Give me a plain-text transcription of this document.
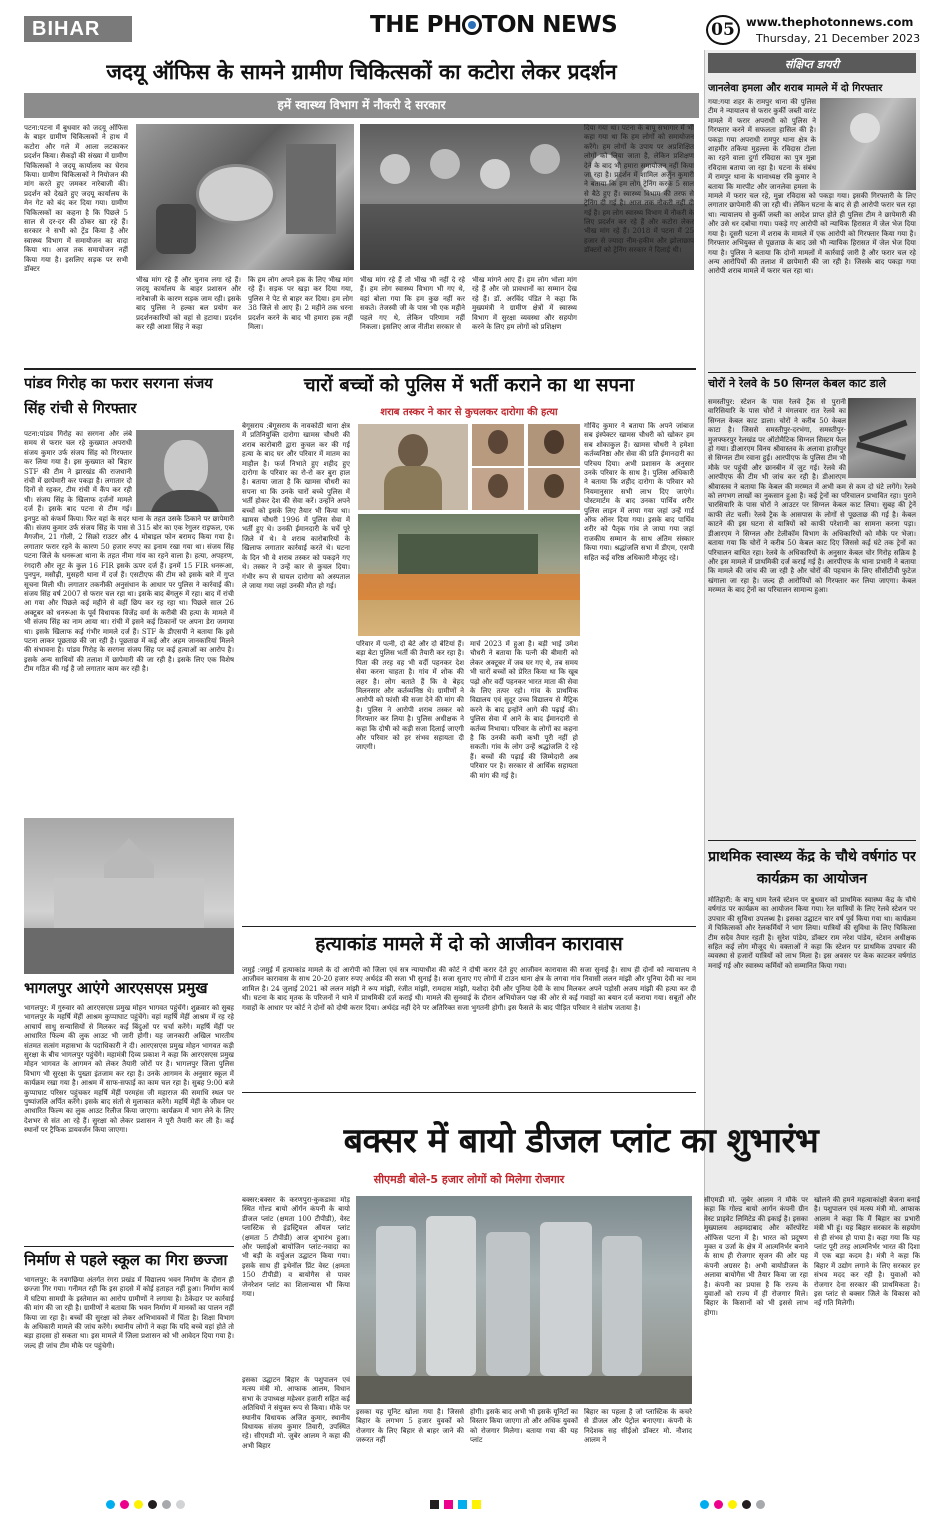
BIHAR	THE PH TON NEWS	05 www.thephotonnews.com
Thursday, 21 December 2023
जदयू ऑफिस के सामने ग्रामीण चिकित्सकों का कटोरा लेकर प्रदर्शन
हमें स्वास्थ्य विभाग में नौकरी दे सरकार
पटना:पटना में बुधवार को जदयू ऑफिस के बाहर ग्रामीण चिकित्सकों ने हाथ में कटोरा और गले में आला लटकाकर प्रदर्शन किया। सैकड़ों की संख्या में ग्रामीण चिकित्सकों ने जदयू कार्यालय का घेराव किया। ग्रामीण चिकित्सकों ने नियोजन की मांग करते हुए जमकर नारेबाजी की। प्रदर्शन को देखते हुए जदयू कार्यालय के मेन गेट को बंद कर दिया गया। ग्रामीण चिकित्सकों का कहना है कि पिछले 5 साल से दर-दर की ठोकर खा रहे हैं। सरकार ने सभी को ट्रेंड किया है और स्वास्थ्य विभाग में समायोजन का वादा किया था। आज तक समायोजन नहीं किया गया है। इसलिए सड़क पर सभी डॉक्टर
भीख मांग रहे हैं और चुनाव लगा रहे हैं। जदयू कार्यालय के बाहर प्रशासन और नारेबाजी के कारण सड़क जाम रही। इसके बाद पुलिस ने हल्का बल प्रयोग कर प्रदर्शनकारियों को वहां से हटाया। प्रदर्शन कर रही आशा सिंह ने कहा
कि हम लोग अपने हक के लिए भीख मांग रहे हैं। सड़क पर खड़ा कर दिया गया, पुलिस ने पेट से बाहर कर दिया। हम लोग 38 जिले से आए हैं। 2 महीने तक धरना प्रदर्शन करने के बाद भी हमारा हक नहीं मिला।
भीख मांग रहे हैं तो भीख भी नहीं दे रहे हैं। हम लोग स्वास्थ्य विभाग भी गए थे, वहां बोला गया कि हम कुछ नहीं कर सकते। तेजस्वी जी के पास भी एक महीने पहले गए थे, लेकिन परिणाम नहीं निकला। इसलिए आज नीतीश सरकार से
भीख मांगने आए हैं। हम लोग भोला मांग रहे हैं और जो प्रावधानों का सम्मान देख रहे हैं। डॉ. अरविंद पंडित ने कहा कि मुख्यमंत्री ने ग्रामीण क्षेत्रों में स्वास्थ्य विभाग में सुरक्षा व्यवस्था और सहयोग करने के लिए हम लोगों को प्रशिक्षण
दिया गया था। पटना के बापू सभागार में भी कहा गया था कि हम लोगों को समायोजन करेंगे। हम लोगों के उपाय पर अप्रशिक्षित लोगों को लिया जाता है, लेकिन प्रशिक्षण देने के बाद भी हमारा समायोजन नहीं किया जा रहा है। प्रदर्शन में शामिल अर्जुन कुमारी ने बताया कि हम लोग ट्रेनिंग करके 5 साल से बैठे हुए हैं। स्वास्थ्य विभाग की तरफ से ट्रेनिंग दी गई है। आज तक नौकरी नहीं दी गई है। हम लोग स्वास्थ्य विभाग में नौकरी के लिए प्रदर्शन कर रहे हैं और कटोरा लेकर भीख मांग रहे हैं। 2018 में पटना में 25 हजार से ज्यादा नीम-हकीम और झोलाछाप डॉक्टरों को ट्रेनिंग सरकार ने दिलाई थी।
संक्षिप्त डायरी
जानलेवा हमला और शराब मामले में दो गिरफ्तार
गया:गया शहर के रामपुर थाना की पुलिस टीम ने न्यायालय से फरार कुर्की जब्ती वारंट मामले में फरार अपराधी को पुलिस ने गिरफ्तार करने में सफलता हासिल की है। पकड़ा गया अपराधी रामपुर थाना क्षेत्र के शाहमीर तकिया मुहल्ला के रविदास टोला का रहने वाला दुर्गा रविदास का पुत्र मुन्ना रविदास बताया जा रहा है। घटना के संबंध में रामपुर थाना के थानाध्यक्ष रवि कुमार ने बताया कि मारपीट और जानलेवा हमला के मामले में फरार चल रहे, मुन्ना रविदास को पकड़ा गया। इसकी गिरफ्तारी के लिए लगातार छापेमारी की जा रही थी। लेकिन घटना के बाद से ही आरोपी फरार चल रहा था। न्यायालय से कुर्की जब्ती का आदेश प्राप्त होते ही पुलिस टीम ने छापेमारी की और उसे धर दबोचा गया। पकड़े गए आरोपी को न्यायिक हिरासत में जेल भेज दिया गया है। दूसरी घटना में शराब के मामले में एक आरोपी को गिरफ्तार किया गया है। गिरफ्तार अभियुक्त से पूछताछ के बाद उसे भी न्यायिक हिरासत में जेल भेज दिया गया है। पुलिस ने बताया कि दोनों मामलों में कार्रवाई जारी है और फरार चल रहे अन्य आरोपियों की तलाश में छापेमारी की जा रही है। जिसके बाद पकड़ा गया आरोपी शराब मामले में फरार चल रहा था।
चोरों ने रेलवे के 50 सिग्नल केबल काट डाले
समस्तीपुर: स्टेशन के पास रेलवे ट्रैक से पुरानी वारिसियारि के पास चोरों ने मंगलवार रात रेलवे का सिग्नल केबल काट डाला। चोरों ने करीब 50 केबल काटा है। जिससे समस्तीपुर-दरभंगा, समस्तीपुर-मुजफ्फरपुर रेलखंड पर ऑटोमैटिक सिग्नल सिस्टम फेल हो गया। डीआरएम विनय श्रीवास्तव के अलावा हाजीपुर से सिग्नल टीम रवाना हुई। आरपीएफ के पुलिस टीम भी मौके पर पहुंची और छानबीन में जुट गई। रेलवे की आरपीएफ की टीम भी जांच कर रही है। डीआरएम श्रीवास्तव ने बताया कि केबल की मरम्मत में अभी कम से कम दो घंटे लगेंगे। रेलवे को लगभग लाखों का नुकसान हुआ है। कई ट्रेनों का परिचालन प्रभावित रहा। पुराने चारसियारि के पास चोरों ने आउटर पर सिग्नल केबल काट लिया। सुबह की ट्रेनें काफी लेट चलीं। रेलवे ट्रैक के आसपास के लोगों से पूछताछ की गई है। केबल काटने की इस घटना से यात्रियों को काफी परेशानी का सामना करना पड़ा। डीआरएम ने सिग्नल और टेलीकॉम विभाग के अधिकारियों को मौके पर भेजा। बताया गया कि चोरों ने करीब 50 केबल काट दिए जिससे कई घंटे तक ट्रेनों का परिचालन बाधित रहा। रेलवे के अधिकारियों के अनुसार केबल चोर गिरोह सक्रिय है और इस मामले में प्राथमिकी दर्ज कराई गई है। आरपीएफ के थाना प्रभारी ने बताया कि मामले की जांच की जा रही है और चोरों की पहचान के लिए सीसीटीवी फुटेज खंगाला जा रहा है। जल्द ही आरोपियों को गिरफ्तार कर लिया जाएगा। केबल मरम्मत के बाद ट्रेनों का परिचालन सामान्य हुआ।
प्राथमिक स्वास्थ्य केंद्र के चौथे वर्षगांठ पर कार्यक्रम का आयोजन
मोतिहारी: के बापू धाम रेलवे स्टेशन पर बुधवार को प्राथमिक स्वास्थ्य केंद्र के चौथे वर्षगांठ पर कार्यक्रम का आयोजन किया गया। रेल यात्रियों के लिए रेलवे स्टेशन पर उपचार की सुविधा उपलब्ध है। इसका उद्घाटन चार वर्ष पूर्व किया गया था। कार्यक्रम में चिकित्सकों और रेलकर्मियों ने भाग लिया। यात्रियों की सुविधा के लिए चिकित्सा टीम सदैव तैयार रहती है। सुरेश पांडेय, डॉक्टर राम नरेश पांडेय, स्टेशन अधीक्षक सहित कई लोग मौजूद थे। वक्ताओं ने कहा कि स्टेशन पर प्राथमिक उपचार की व्यवस्था से हजारों यात्रियों को लाभ मिला है। इस अवसर पर केक काटकर वर्षगांठ मनाई गई और स्वास्थ्य कर्मियों को सम्मानित किया गया।
पांडव गिरोह का फरार सरगना संजय सिंह रांची से गिरफ्तार
पटना:पांडव गिरोह का सरगना और लंबे समय से फरार चल रहे कुख्यात अपराधी संजय कुमार उर्फ संजय सिंह को गिरफ्तार कर लिया गया है। इस कुख्यात को बिहार STF की टीम ने झारखंड की राजधानी रांची में छापेमारी कर पकड़ा है। लगातार दो दिनों से रहकर, टीम रांची में कैंप कर रही थी। संजय सिंह के खिलाफ दर्जनों मामले दर्ज हैं। इसके बाद पटना से टीम गई। इनपुट को कंफर्म किया। फिर वहां के सदर थाना के तहत उसके ठिकाने पर छापेमारी की। संजय कुमार उर्फ संजय सिंह के पास से 315 बोर का एक रेगुलर राइफल, एक मैगजीन, 21 गोली, 2 सिक्रो राउटर और 4 मोबाइल फोन बरामद किया गया है। लगातार फरार रहने के कारण 50 हजार रुपए का इनाम रखा गया था। संजय सिंह पटना जिले के धनरूआ थाना के तहत नीमा गांव का रहने वाला है। हत्या, अपहरण, रंगदारी और लूट के कुल 16 FIR इसके ऊपर दर्ज हैं। इनमें 15 FIR धनरूआ, पुनपुन, मसौढ़ी, मुसहरी थाना में दर्ज हैं। एसटीएफ की टीम को इसके बारे में गुप्त सूचना मिली थी। लगातार तकनीकी अनुसंधान के आधार पर पुलिस ने कार्रवाई की। संजय सिंह वर्ष 2007 से फरार चल रहा था। इसके बाद बेंगलुरु में रहा। बाद में रांची आ गया और पिछले कई महीने से वहीं छिप कर रह रहा था। पिछले साल 26 अक्टूबर को धनरूआ के पूर्व विधायक विजेंद्र वर्मा के करीबी की हत्या के मामले में भी संजय सिंह का नाम आया था। रांची में इसने कई ठिकानों पर अपना डेरा जमाया था। इसके खिलाफ कई गंभीर मामले दर्ज हैं। STF के डीएसपी ने बताया कि इसे पटना लाकर पूछताछ की जा रही है। पूछताछ में कई और अहम जानकारियां मिलने की संभावना है। पांडव गिरोह के सरगना संजय सिंह पर कई हत्याओं का आरोप है। इसके अन्य साथियों की तलाश में छापेमारी की जा रही है। इसके लिए एक विशेष टीम गठित की गई है जो लगातार काम कर रही है।
भागलपुर आएंगे आरएसएस प्रमुख
भागलपुर: में गुरुवार को आरएसएस प्रमुख मोहन भागवत पहुंचेंगे। शुक्रवार को सुबह भागलपुर के महर्षि मेंहीं आश्रम कुप्पाघाट पहुंचेंगे। वहां महर्षि मेंहीं आश्रम में रह रहे आचार्य साधु सन्यासियों से मिलकर कई बिंदुओं पर चर्चा करेंगे। महर्षि मेंहीं पर आधारित फिल्म की लुक आउट भी जारी होगी। यह जानकारी अखिल भारतीय संतमत सत्संग महासभा के पदाधिकारी ने दी। आरएसएस प्रमुख मोहन भागवत कड़ी सुरक्षा के बीच भागलपुर पहुंचेंगे। महामंत्री दिव्य प्रकाश ने कहा कि आरएसएस प्रमुख मोहन भागवत के आगमन को लेकर तैयारी जोरों पर है। भागलपुर जिला पुलिस विभाग भी सुरक्षा के पुख्ता इंतजाम कर रहा है। उनके आगमन के अनुसार स्कूल में कार्यक्रम रखा गया है। आश्रम में साफ-सफाई का काम चल रहा है। सुबह 9:00 बजे कुप्पाघाट परिसर पहुंचकर महर्षि मेंहीं परमहंस जी महाराज की समाधि स्थल पर पुष्पांजलि अर्पित करेंगे। इसके बाद संतों से मुलाकात करेंगे। महर्षि मेंहीं के जीवन पर आधारित फिल्म का लुक आउट रिलीज किया जाएगा। कार्यक्रम में भाग लेने के लिए देशभर से संत आ रहे हैं। सुरक्षा को लेकर प्रशासन ने पूरी तैयारी कर ली है। कई स्थानों पर ट्रैफिक डायवर्जन किया जाएगा।
निर्माण से पहले स्कूल का गिरा छज्जा
भागलपुर: के नवगछिया अंतर्गत रंगरा प्रखंड में विद्यालय भवन निर्माण के दौरान ही छज्जा गिर गया। गनीमत रही कि इस हादसे में कोई हताहत नहीं हुआ। निर्माण कार्य में घटिया सामग्री के इस्तेमाल का आरोप ग्रामीणों ने लगाया है। ठेकेदार पर कार्रवाई की मांग की जा रही है। ग्रामीणों ने बताया कि भवन निर्माण में मानकों का पालन नहीं किया जा रहा है। बच्चों की सुरक्षा को लेकर अभिभावकों में चिंता है। शिक्षा विभाग के अधिकारी मामले की जांच करेंगे। स्थानीय लोगों ने कहा कि यदि बच्चे वहां होते तो बड़ा हादसा हो सकता था। इस मामले में जिला प्रशासन को भी आवेदन दिया गया है। जल्द ही जांच टीम मौके पर पहुंचेगी।
चारों बच्चों को पुलिस में भर्ती कराने का था सपना
शराब तस्कर ने कार से कुचलकर दारोगा की हत्या
बेगूसराय :बेगूसराय के नावकोठी थाना क्षेत्र में प्रतिनियुक्ति दारोगा खामस चौधरी की शराब कारोबारी द्वारा कुचल कर की गई हत्या के बाद घर और परिवार में मातम का माहौल है। फर्ज निभाते हुए शहीद हुए दारोगा के परिवार का रो-रो कर बुरा हाल है। बताया जाता है कि खामस चौधरी का सपना था कि उनके चारों बच्चे पुलिस में भर्ती होकर देश की सेवा करें। उन्होंने अपने बच्चों को इसके लिए तैयार भी किया था। खामस चौधरी 1996 में पुलिस सेवा में भर्ती हुए थे। उनकी ईमानदारी के चर्चे पूरे जिले में थे। वे शराब कारोबारियों के खिलाफ लगातार कार्रवाई करते थे। घटना के दिन भी वे शराब तस्कर को पकड़ने गए थे। तस्कर ने उन्हें कार से कुचल दिया। गंभीर रूप से घायल दारोगा को अस्पताल ले जाया गया जहां उनकी मौत हो गई।
परिवार में पत्नी, दो बेटे और दो बेटियां हैं। बड़ा बेटा पुलिस भर्ती की तैयारी कर रहा है। पिता की तरह वह भी वर्दी पहनकर देश सेवा करना चाहता है। गांव में शोक की लहर है। लोग बताते हैं कि वे बेहद मिलनसार और कर्तव्यनिष्ठ थे। ग्रामीणों ने आरोपी को फांसी की सजा देने की मांग की है। पुलिस ने आरोपी शराब तस्कर को गिरफ्तार कर लिया है। पुलिस अधीक्षक ने कहा कि दोषी को कड़ी सजा दिलाई जाएगी और परिवार को हर संभव सहायता दी जाएगी।
मार्च 2023 में हुआ है। बड़ी भाई उमेश चौधरी ने बताया कि पत्नी की बीमारी को लेकर अक्टूबर में जब घर गए थे, तब समय भी चारों बच्चों को प्रेरित किया था कि खूब पढ़ो और वर्दी पहनकर भारत माता की सेवा के लिए तत्पर रहो। गांव के प्राथमिक विद्यालय एवं सुदूर उच्च विद्यालय से मैट्रिक करने के बाद इन्होंने आगे की पढ़ाई की। पुलिस सेवा में आने के बाद ईमानदारी से कर्तव्य निभाया। परिवार के लोगों का कहना है कि उनकी कमी कभी पूरी नहीं हो सकती। गांव के लोग उन्हें श्रद्धांजलि दे रहे हैं। बच्चों की पढ़ाई की जिम्मेदारी अब परिवार पर है। सरकार से आर्थिक सहायता की मांग की गई है।
गोविंद कुमार ने बताया कि अपने जांबाज सब इंस्पेक्टर खामस चौधरी को खोकर हम सब शोकाकुल हैं। खामस चौधरी ने हमेशा कर्तव्यनिष्ठा और सेवा की प्रति ईमानदारी का परिचय दिया। अभी प्रशासन के अनुसार उनके परिवार के साथ है। पुलिस अधिकारी ने बताया कि शहीद दारोगा के परिवार को नियमानुसार सभी लाभ दिए जाएंगे। पोस्टमार्टम के बाद उनका पार्थिव शरीर पुलिस लाइन में लाया गया जहां उन्हें गार्ड ऑफ ऑनर दिया गया। इसके बाद पार्थिव शरीर को पैतृक गांव ले जाया गया जहां राजकीय सम्मान के साथ अंतिम संस्कार किया गया। श्रद्धांजलि सभा में डीएम, एसपी सहित कई वरिष्ठ अधिकारी मौजूद रहे।
हत्याकांड मामले में दो को आजीवन कारावास
जमुई :जमुई में हत्याकांड मामले के दो आरोपी को जिला एवं सत्र न्यायाधीश की कोर्ट ने दोषी करार देते हुए आजीवन कारावास की सजा सुनाई है। साथ ही दोनों को न्यायालय ने आजीवन कारावास के साथ 20-20 हजार रुपए अर्थदंड की सजा भी सुनाई है। सजा सुनाए गए लोगों में टाउन थाना क्षेत्र के लगवा गांव निवासी ललन मांझी और पूनिया देवी का नाम शामिल है। 24 जुलाई 2021 को ललन मांझी ने रूप मांझी, रंजीत मांझी, रामदास मांझी, यशोदा देवी और पूनिया देवी के साथ मिलकर अपने पड़ोसी अजय मांझी की हत्या कर दी थी। घटना के बाद मृतक के परिजनों ने थाने में प्राथमिकी दर्ज कराई थी। मामले की सुनवाई के दौरान अभियोजन पक्ष की ओर से कई गवाहों का बयान दर्ज कराया गया। सबूतों और गवाहों के आधार पर कोर्ट ने दोनों को दोषी करार दिया। अर्थदंड नहीं देने पर अतिरिक्त सजा भुगतनी होगी। इस फैसले के बाद पीड़ित परिवार ने संतोष जताया है।
बक्सर में बायो डीजल प्लांट का शुभारंभ
सीएमडी बोले-5 हजार लोगों को मिलेगा रोजगार
बक्सर:बक्सर के करणपुरा-कुकडावा मोड़ स्थित गोल्ड बायो ऑर्गन कंपनी के बायो डीजल प्लांट (क्षमता 100 टीपीडी), वेस्ट प्लास्टिक से इंडस्ट्रियल ऑयल प्लांट (क्षमता 5 टीपीडी) आज शुभारंभ हुआ। और फ्लाईओ बायोजिन प्लांट-नवादा का भी बड़ी के वर्चुअल उद्घाटन किया गया। इसके साथ ही इथेनॉल प्रिंट वेस्ट (क्षमता 150 टीपीडी) व बायोगैस से पावर जेनरेशन प्लांट का शिलान्यास भी किया गया।
इसका उद्घाटन बिहार के पशुपालन एवं मत्स्य मंत्री मो. आफाक आलम, विधान सभा के उपाध्यक्ष महेश्वर हजारी सहित कई अतिथियों ने संयुक्त रूप से किया। मौके पर स्थानीय विधायक अजित कुमार, स्थानीय विधायक संजय कुमार तिवारी, उपस्थित रहे। सीएमडी मो. जुबेर आलम ने कहा की अभी बिहार
इसका यह यूनिट खोला गया है। जिससे बिहार के लगभग 5 हजार युवकों को रोजगार के लिए बिहार से बाहर जाने की जरूरत नहीं
होगी। इसके बाद अभी भी इसके यूनिटों का विस्तार किया जाएगा तो और अधिक युवकों को रोजगार मिलेगा। बताया गया की यह प्लांट
बिहार का पहला है जो प्लास्टिक के कचरे से डीजल और पेट्रोल बनाएगा। कंपनी के निदेशक सह सीईओ डॉक्टर मो. नौशाद आलम ने
सीएमडी मो. जुबेर आलम ने मौके पर कहा कि गोल्ड बायो आर्गन कंपनी ग्रीन वेस्ट प्राइवेट लिमिटेड की इकाई है। इसका मुख्यालय अहमदाबाद और कॉरपोरेट ऑफिस पटना में है। भारत को प्रदूषण मुक्त व उर्जा के क्षेत्र में आत्मनिर्भर बनाने के साथ ही रोजगार सृजन की ओर यह कंपनी अग्रसर है। अभी बायोडीजल के अलावा बायोगैस भी तैयार किया जा रहा है। कंपनी का प्रयास है कि राज्य के युवाओं को राज्य में ही रोजगार मिले। बिहार के किसानों को भी इससे लाभ होगा।
खोलने की हमने महत्वाकांक्षी बेजना बनाई है। पशुपालन एवं मत्स्य मंत्री मो. आफाक आलम ने कहा कि मैं बिहार का प्रभारी मंत्री भी हूं। यह बिहार सरकार के सहयोग से ही संभव हो पाया है। कहा गया कि यह प्लांट पूरी तरह आत्मनिर्भर भारत की दिशा में एक बड़ा कदम है। मंत्री ने कहा कि बिहार में उद्योग लगाने के लिए सरकार हर संभव मदद कर रही है। युवाओं को रोजगार देना सरकार की प्राथमिकता है। इस प्लांट से बक्सर जिले के विकास को नई गति मिलेगी।
